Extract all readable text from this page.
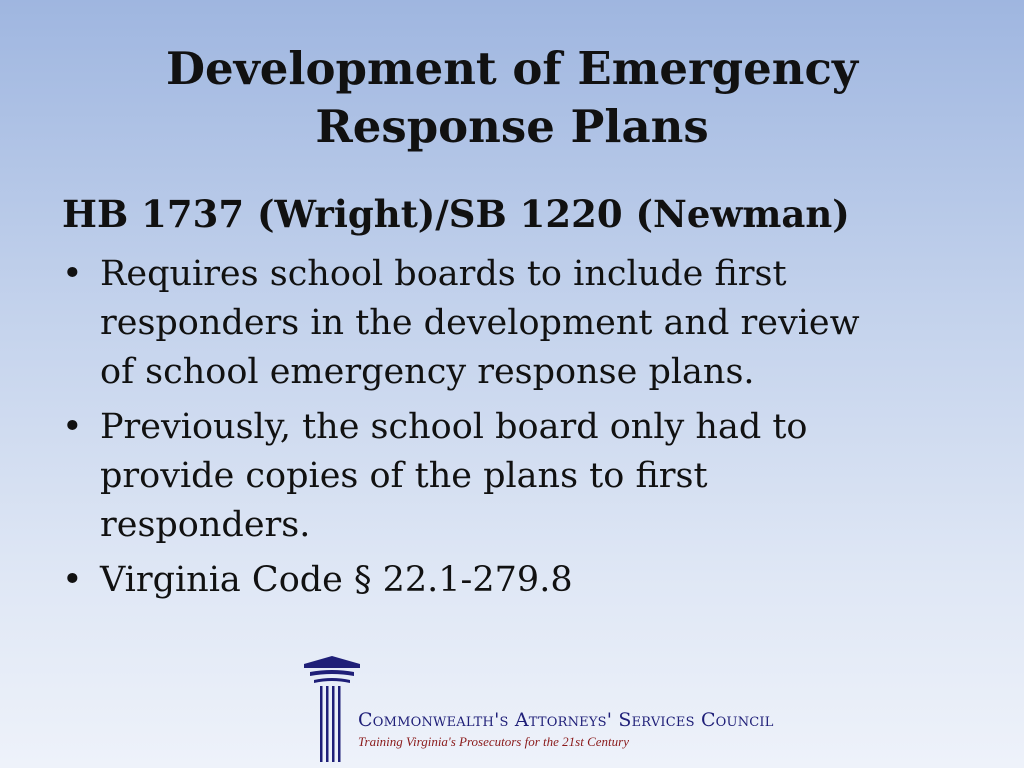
Development of Emergency
Response Plans
HB 1737 (Wright)/SB 1220 (Newman)
• Requires school boards to include first
responders in the development and review
of school emergency response plans.
• Previously, the school board only had to
provide copies of the plans to first
responders.
• Virginia Code § 22.1-279.8
Commonwealth's Attorneys' Services Council
Training Virginia's Prosecutors for the 21st Century
